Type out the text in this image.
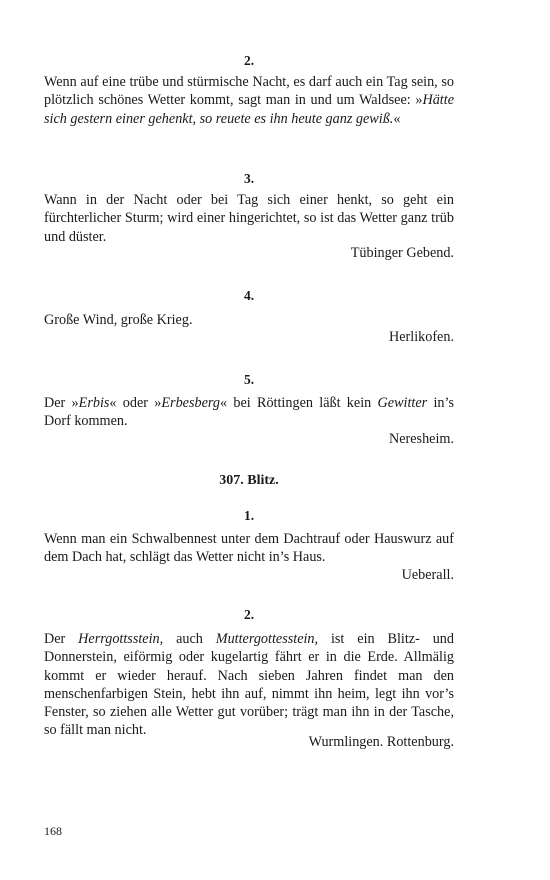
2.

Wenn auf eine trübe und stürmische Nacht, es darf auch ein Tag sein, so plötzlich schönes Wetter kommt, sagt man in und um Waldsee: »Hätte sich gestern einer gehenkt, so reuete es ihn heute ganz gewiß.«

3.

Wann in der Nacht oder bei Tag sich einer henkt, so geht ein fürchterlicher Sturm; wird einer hingerichtet, so ist das Wetter ganz trüb und düster.

Tübinger Gebend.
4.

Große Wind, große Krieg.

Herlikofen.
5.

Der »Erbis« oder »Erbesberg« bei Röttingen läßt kein Gewitter in’s Dorf kommen.

Neresheim.
307. Blitz.
1.

Wenn man ein Schwalbennest unter dem Dachtrauf oder Hauswurz auf dem Dach hat, schlägt das Wetter nicht in’s Haus.

Ueberall.
2.

Der Herrgottsstein, auch Muttergottesstein, ist ein Blitz- und Donnerstein, eiförmig oder kugelartig fährt er in die Erde. Allmälig kommt er wieder herauf. Nach sieben Jahren findet man den menschenfarbigen Stein, hebt ihn auf, nimmt ihn heim, legt ihn vor’s Fenster, so ziehen alle Wetter gut vorüber; trägt man ihn in der Tasche, so fällt man nicht.

Wurmlingen. Rottenburg.
168
